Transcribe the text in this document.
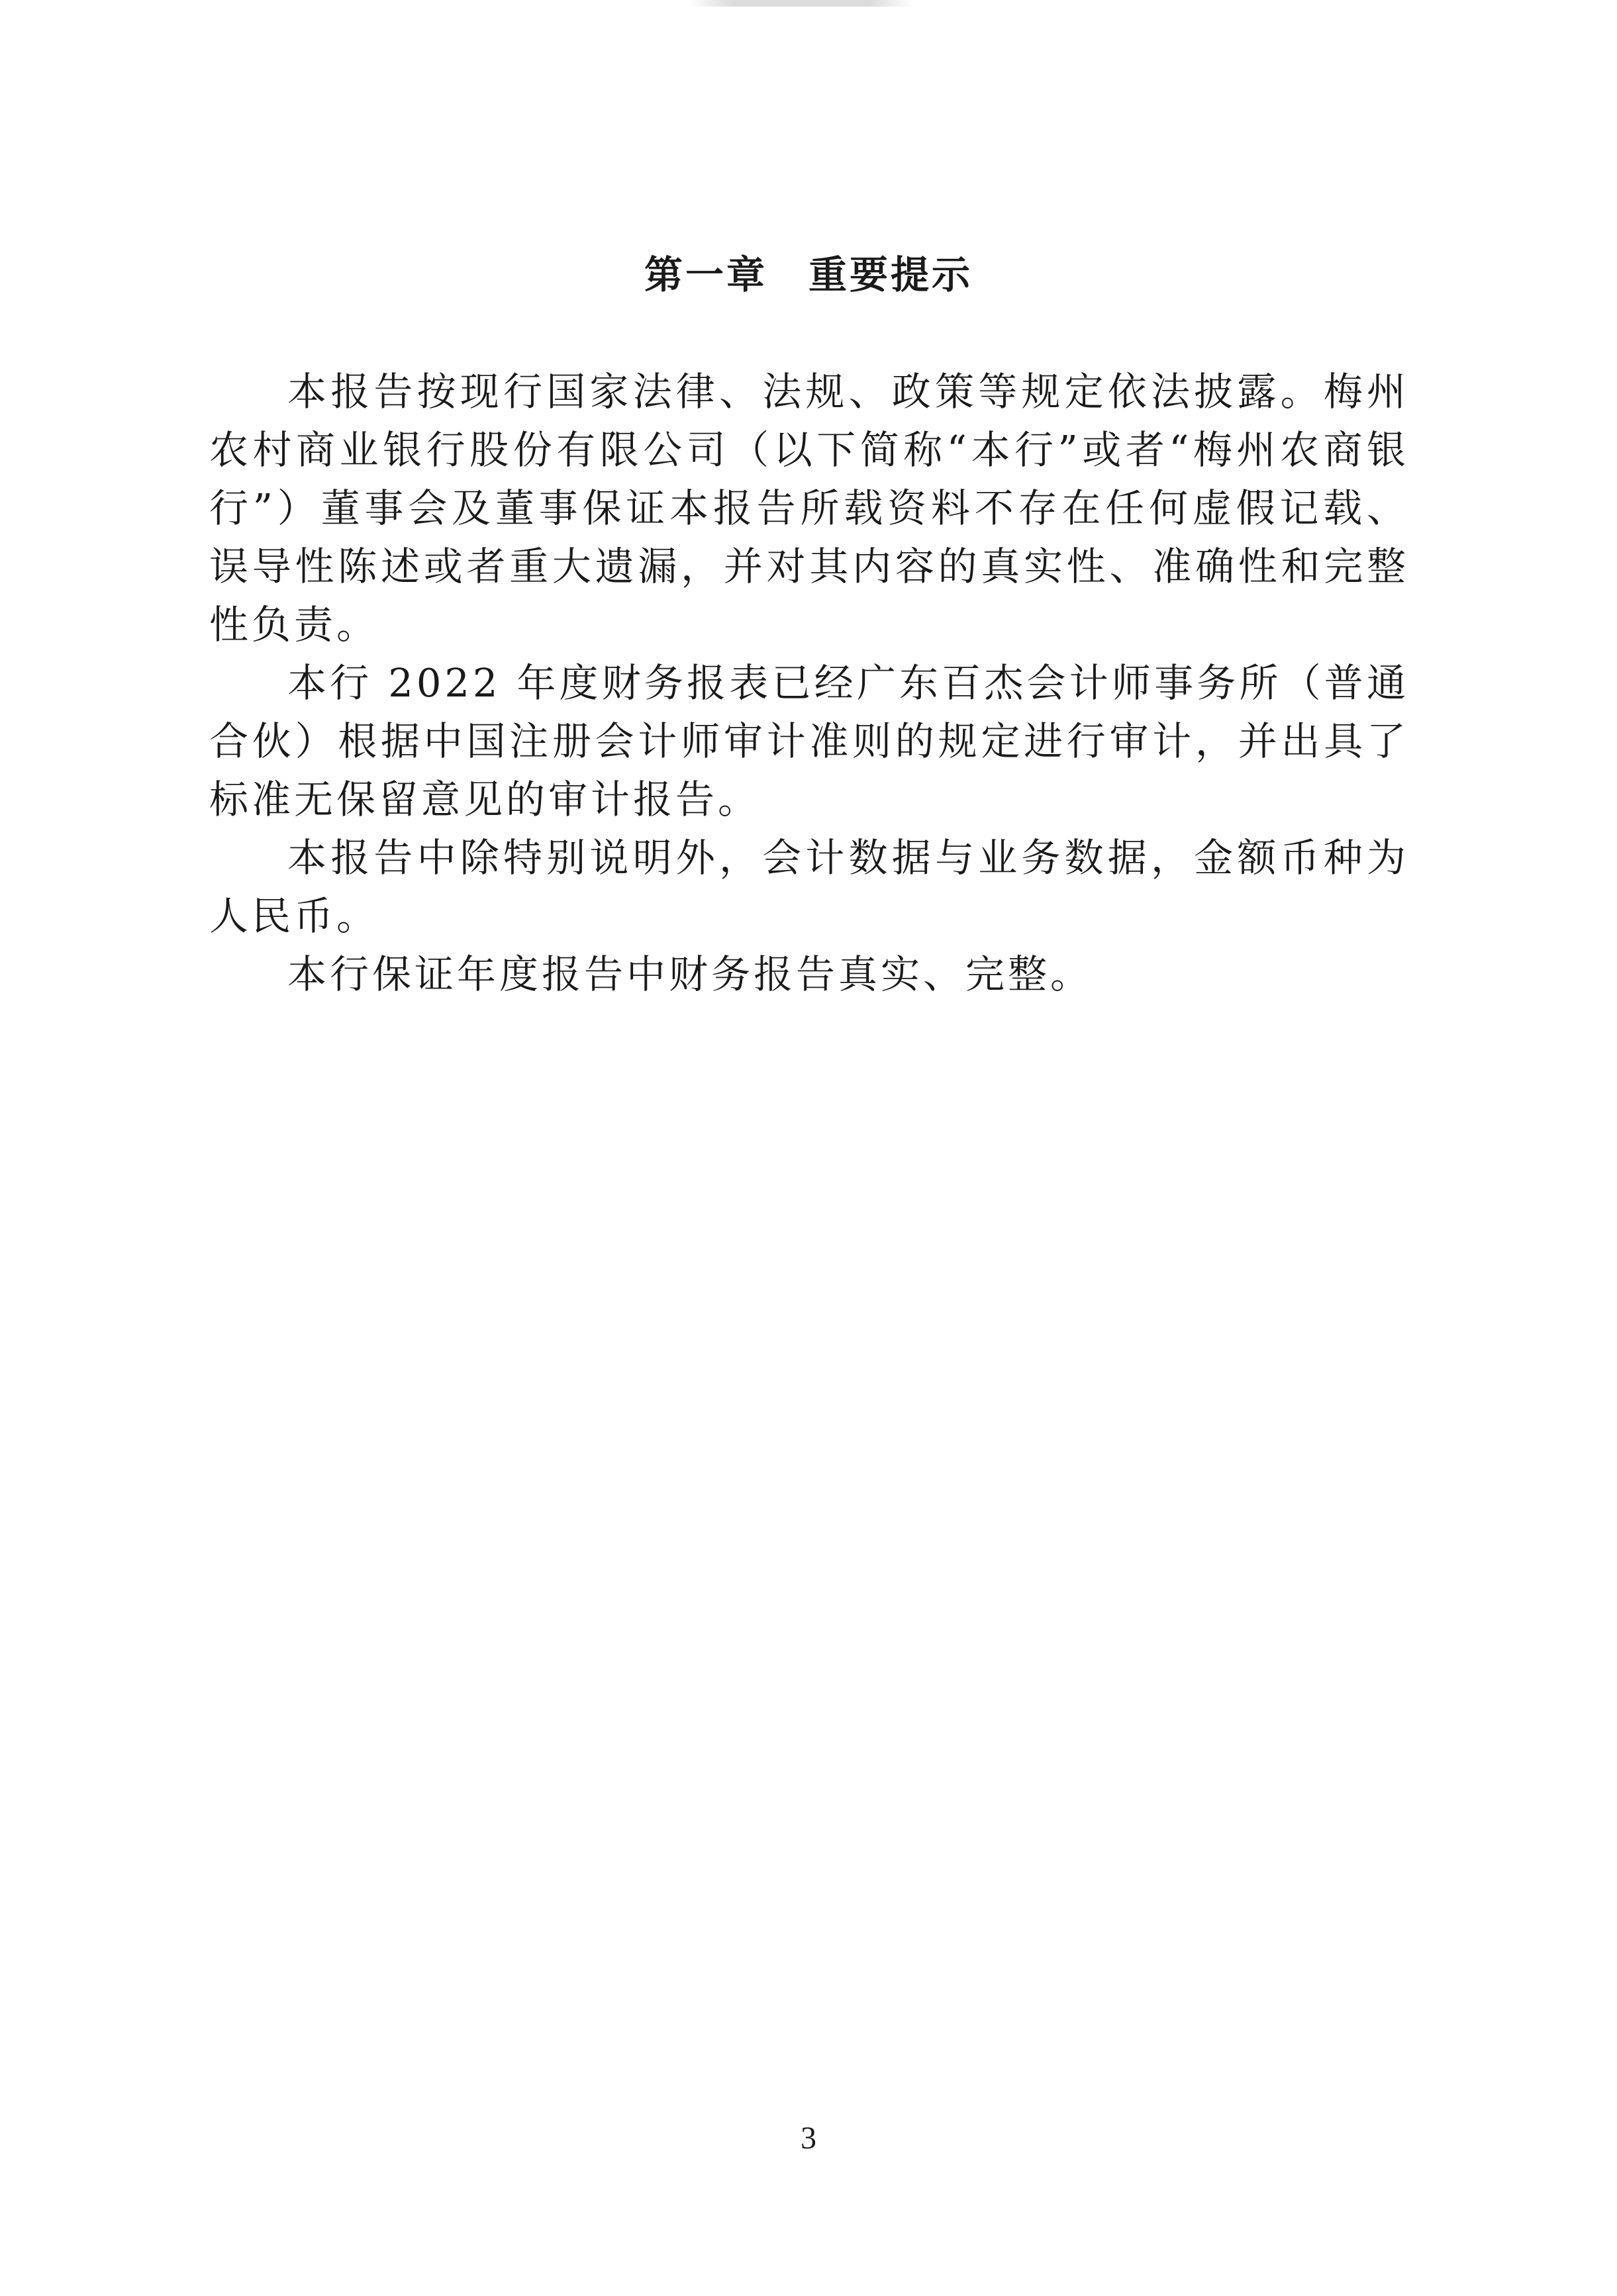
第一章　重要提示

本报告按现行国家法律、法规、政策等规定依法披露。梅州农村商业银行股份有限公司（以下简称“本行”或者“梅州农商银行”）董事会及董事保证本报告所载资料不存在任何虚假记载、误导性陈述或者重大遗漏，并对其内容的真实性、准确性和完整性负责。

本行 2022 年度财务报表已经广东百杰会计师事务所（普通合伙）根据中国注册会计师审计准则的规定进行审计，并出具了标准无保留意见的审计报告。

本报告中除特别说明外，会计数据与业务数据，金额币种为人民币。

本行保证年度报告中财务报告真实、完整。

3
